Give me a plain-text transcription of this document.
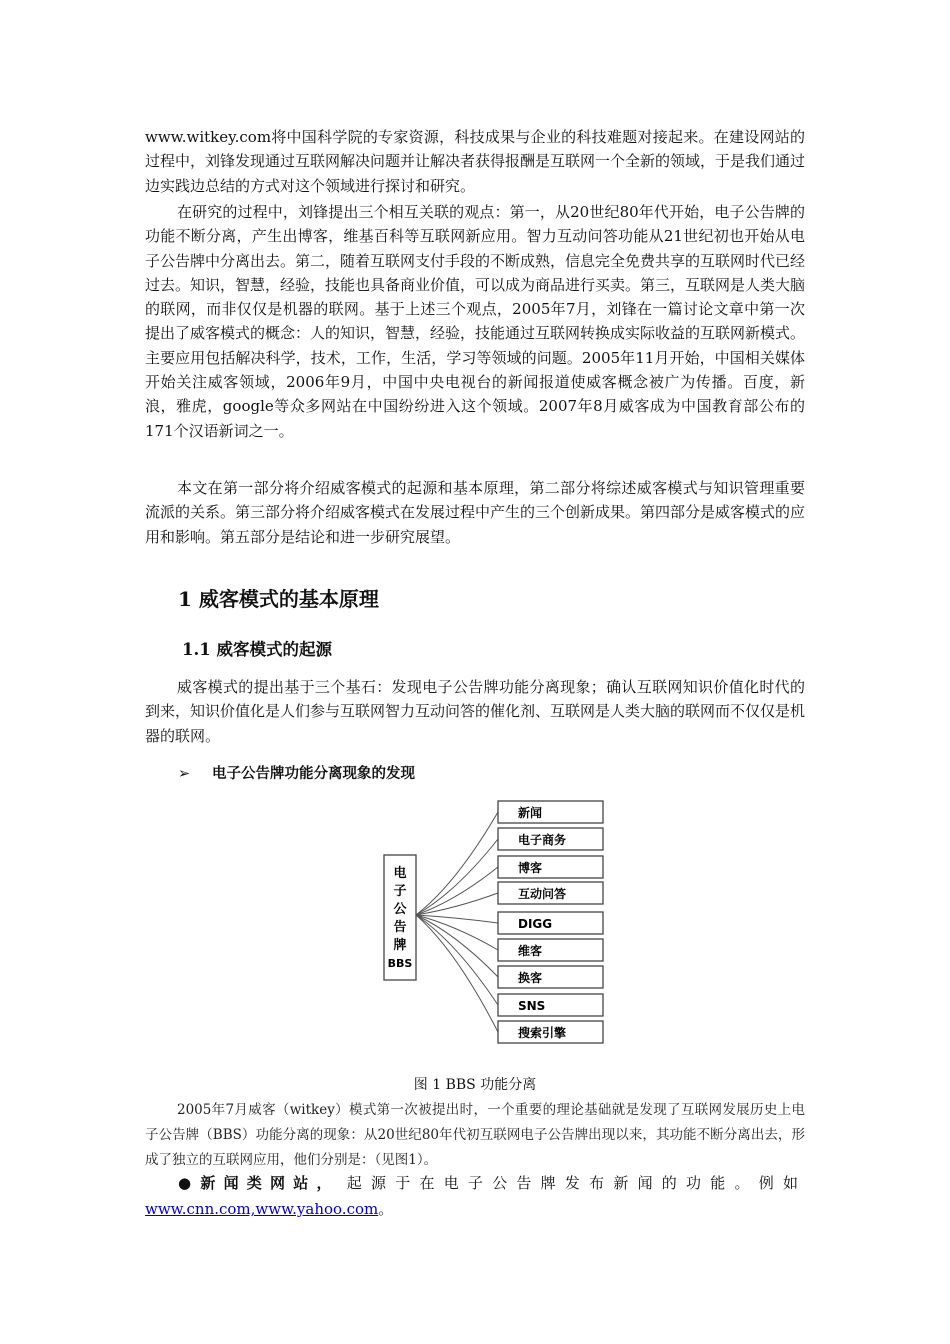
www.witkey.com将中国科学院的专家资源，科技成果与企业的科技难题对接起来。在建设网站的过程中，刘锋发现通过互联网解决问题并让解决者获得报酬是互联网一个全新的领域，于是我们通过边实践边总结的方式对这个领域进行探讨和研究。

在研究的过程中，刘锋提出三个相互关联的观点：第一，从20世纪80年代开始，电子公告牌的功能不断分离，产生出博客，维基百科等互联网新应用。智力互动问答功能从21世纪初也开始从电子公告牌中分离出去。第二，随着互联网支付手段的不断成熟，信息完全免费共享的互联网时代已经过去。知识，智慧，经验，技能也具备商业价值，可以成为商品进行买卖。第三，互联网是人类大脑的联网，而非仅仅是机器的联网。基于上述三个观点，2005年7月，刘锋在一篇讨论文章中第一次提出了威客模式的概念：人的知识，智慧，经验，技能通过互联网转换成实际收益的互联网新模式。主要应用包括解决科学，技术，工作，生活，学习等领域的问题。2005年11月开始，中国相关媒体开始关注威客领域，2006年9月，中国中央电视台的新闻报道使威客概念被广为传播。百度，新浪，雅虎，google等众多网站在中国纷纷进入这个领域。2007年8月威客成为中国教育部公布的171个汉语新词之一。

本文在第一部分将介绍威客模式的起源和基本原理，第二部分将综述威客模式与知识管理重要流派的关系。第三部分将介绍威客模式在发展过程中产生的三个创新成果。第四部分是威客模式的应用和影响。第五部分是结论和进一步研究展望。

1 威客模式的基本原理
1.1 威客模式的起源

威客模式的提出基于三个基石：发现电子公告牌功能分离现象；确认互联网知识价值化时代的到来，知识价值化是人们参与互联网智力互动问答的催化剂、互联网是人类大脑的联网而不仅仅是机器的联网。

➢ 电子公告牌功能分离现象的发现
电
子
公
告
牌
BBS
新闻
电子商务
博客
互动问答
DIGG
维客
换客
SNS
搜索引擎
图 1 BBS 功能分离

2005年7月威客（witkey）模式第一次被提出时，一个重要的理论基础就是发现了互联网发展历史上电子公告牌（BBS）功能分离的现象：从20世纪80年代初互联网电子公告牌出现以来，其功能不断分离出去，形成了独立的互联网应用，他们分别是：（见图1）。

● 新闻类网站， 起源于在电子公告牌发布新闻的功能。例如
www.cnn.com,www.yahoo.com。
